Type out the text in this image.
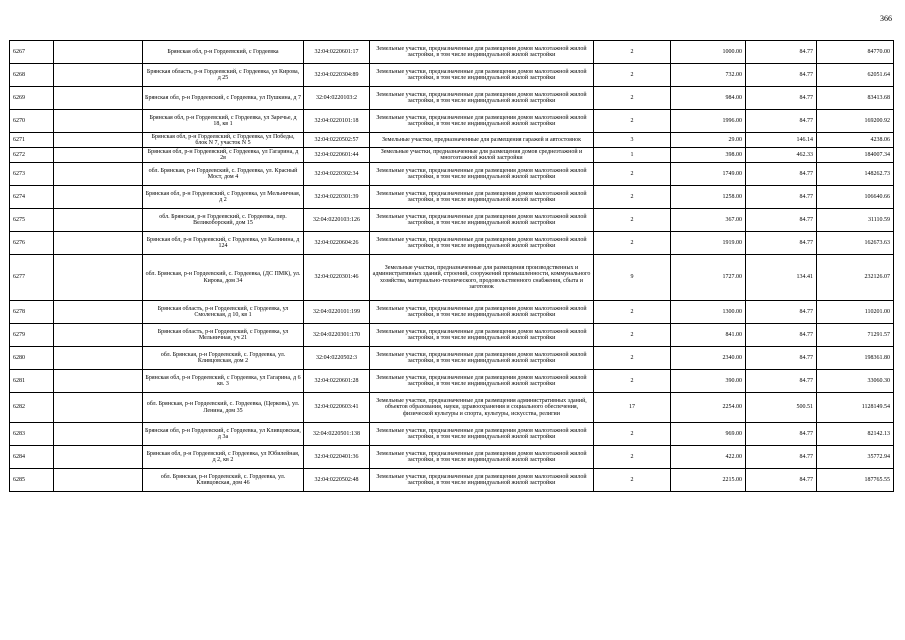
366
6267		Брянская обл, р-н Гордеевский, с Гордеевка	32:04:0220601:17	Земельные участки, предназначенные для размещения домов малоэтажной жилой застройки, в том числе индивидуальной жилой застройки	2	1000.00	84.77	84770.00
6268		Брянская область, р-н Гордеевский, с Гордеевка, ул Кирова, д 25	32:04:0220304:89	Земельные участки, предназначенные для размещения домов малоэтажной жилой застройки, в том числе индивидуальной жилой застройки	2	732.00	84.77	62051.64
6269		Брянская обл, р-н Гордеевский, с Гордеевка, ул Пушкина, д 7	32:04:0220103:2	Земельные участки, предназначенные для размещения домов малоэтажной жилой застройки, в том числе индивидуальной жилой застройки	2	984.00	84.77	83413.68
6270		Брянская обл, р-н Гордеевский, с Гордеевка, ул Заречье, д 18, кв 1	32:04:0220101:18	Земельные участки, предназначенные для размещения домов малоэтажной жилой застройки, в том числе индивидуальной жилой застройки	2	1996.00	84.77	169200.92
6271		Брянская обл, р-н Гордеевский, с Гордеевка, ул Победы, блок N 7, участок N 5	32:04:0220502:57	Земельные участки, предназначенные для размещения гаражей и автостоянок	3	29.00	146.14	4238.06
6272		Брянская обл, р-н Гордеевский, с Гордеевка, ул Гагарина, д 2в	32:04:0220601:44	Земельные участки, предназначенные для размещения домов среднеэтажной и многоэтажной жилой застройки	1	398.00	462.33	184007.34
6273		обл. Брянская, р-н Гордеевский, с. Гордеевка, ул. Красный Мост, дом 4	32:04:0220302:34	Земельные участки, предназначенные для размещения домов малоэтажной жилой застройки, в том числе индивидуальной жилой застройки	2	1749.00	84.77	148262.73
6274		Брянская обл, р-н Гордеевский, с Гордеевка, ул Мельничная, д 2	32:04:0220301:39	Земельные участки, предназначенные для размещения домов малоэтажной жилой застройки, в том числе индивидуальной жилой застройки	2	1258.00	84.77	106640.66
6275		обл. Брянская, р-н Гордеевский, с. Гордеевка, пер. Великоборский, дом 15	32:04:0220103:126	Земельные участки, предназначенные для размещения домов малоэтажной жилой застройки, в том числе индивидуальной жилой застройки	2	367.00	84.77	31110.59
6276		Брянская обл, р-н Гордеевский, с Гордеевка, ул Калинина, д 124	32:04:0220604:26	Земельные участки, предназначенные для размещения домов малоэтажной жилой застройки, в том числе индивидуальной жилой застройки	2	1919.00	84.77	162673.63
6277		обл. Брянская, р-н Гордеевский, с. Гордеевка, (ДС ПМК), ул. Кирова, дом 34	32:04:0220301:46	Земельные участки, предназначенные для размещения производственных и административных зданий, строений, сооружений промышленности, коммунального хозяйства, материально-технического, продовольственного снабжения, сбыта и заготовок	9	1727.00	134.41	232126.07
6278		Брянская область, р-н Гордеевский, с Гордеевка, ул Смоленская, д 10, кв 1	32:04:0220101:199	Земельные участки, предназначенные для размещения домов малоэтажной жилой застройки, в том числе индивидуальной жилой застройки	2	1300.00	84.77	110201.00
6279		Брянская область, р-н Гордеевский, с Гордеевка, ул Мельничная, уч 21	32:04:0220301:170	Земельные участки, предназначенные для размещения домов малоэтажной жилой застройки, в том числе индивидуальной жилой застройки	2	841.00	84.77	71291.57
6280		обл. Брянская, р-н Гордеевский, с. Гордеевка, ул. Кливцовская, дом 2	32:04:0220502:3	Земельные участки, предназначенные для размещения домов малоэтажной жилой застройки, в том числе индивидуальной жилой застройки	2	2340.00	84.77	198361.80
6281		Брянская обл, р-н Гордеевский, с Гордеевка, ул Гагарина, д 6 кв. 3	32:04:0220601:28	Земельные участки, предназначенные для размещения домов малоэтажной жилой застройки, в том числе индивидуальной жилой застройки	2	390.00	84.77	33060.30
6282		обл. Брянская, р-н Гордеевский, с. Гордеевка, (Церковь), ул. Ленина, дом 35	32:04:0220603:41	Земельные участки, предназначенные для размещения административных зданий, объектов образования, науки, здравоохранения и социального обеспечения, физической культуры и спорта, культуры, искусства, религии	17	2254.00	500.51	1128149.54
6283		Брянская обл, р-н Гордеевский, с Гордеевка, ул Кливцовская, д 3а	32:04:0220501:138	Земельные участки, предназначенные для размещения домов малоэтажной жилой застройки, в том числе индивидуальной жилой застройки	2	969.00	84.77	82142.13
6284		Брянская обл, р-н Гордеевский, с Гордеевка, ул Юбилейная, д 2, кв 2	32:04:0220401:36	Земельные участки, предназначенные для размещения домов малоэтажной жилой застройки, в том числе индивидуальной жилой застройки	2	422.00	84.77	35772.94
6285		обл. Брянская, р-н Гордеевский, с. Гордеевка, ул. Кливцовская, дом 46	32:04:0220502:48	Земельные участки, предназначенные для размещения домов малоэтажной жилой застройки, в том числе индивидуальной жилой застройки	2	2215.00	84.77	187765.55
